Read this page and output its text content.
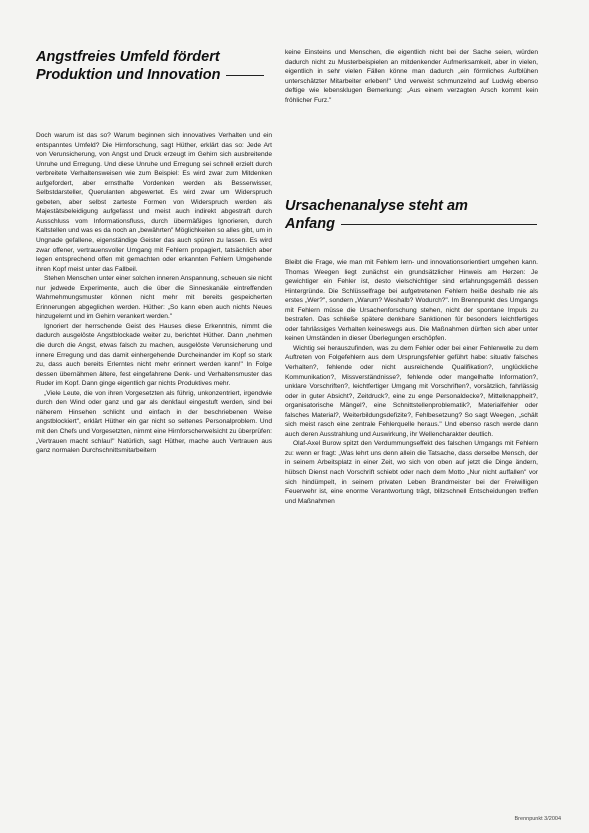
Angstfreies Umfeld fördert
Produktion und Innovation

Doch warum ist das so? Warum beginnen sich innovatives Verhalten und ein entspanntes Umfeld? Die Hirnforschung, sagt Hüther, erklärt das so: Jede Art von Verunsicherung, von Angst und Druck erzeugt im Gehirn sich ausbreitende Unruhe und Erregung. Und diese Unruhe und Erregung sei schnell erzielt durch verbreitete Verhaltensweisen wie zum Beispiel: Es wird zwar zum Mitdenken aufgefordert, aber ernsthafte Vordenken werden als Besserwisser, Selbstdarsteller, Querulanten abgewertet. Es wird zwar um Widerspruch gebeten, aber selbst zarteste Formen von Widerspruch werden als Majestätsbeleidigung aufgefasst und meist auch indirekt abgestraft durch Ausschluss vom Informationsfluss, durch übermäßiges Ignorieren, durch Kaltstellen und was es da noch an „bewährten" Möglichkeiten so alles gibt, um in Ungnade gefallene, eigenständige Geister das auch spüren zu lassen. Es wird zwar offener, vertrauensvoller Umgang mit Fehlern propagiert, tatsächlich aber legen entsprechend offen mit gemachten oder erkannten Fehlern Umgehende ihren Kopf meist unter das Fallbeil.

Stehen Menschen unter einer solchen inneren Anspannung, scheuen sie nicht nur jedwede Experimente, auch die über die Sinneskanäle eintreffenden Wahrnehmungsmuster können nicht mehr mit bereits gespeicherten Erinnerungen abgeglichen werden. Hüther: „So kann eben auch nichts Neues hinzugelernt und im Gehirn verankert werden."

Ignoriert der herrschende Geist des Hauses diese Erkenntnis, nimmt die dadurch ausgelöste Angstblockade weiter zu, berichtet Hüther. Dann „nehmen die durch die Angst, etwas falsch zu machen, ausgelöste Verunsicherung und innere Erregung und das damit einhergehende Durcheinander im Kopf so stark zu, dass auch bereits Erlerntes nicht mehr erinnert werden kann!" In Folge dessen übernähmen ältere, fest eingefahrene Denk- und Verhaltensmuster das Ruder im Kopf. Dann ginge eigentlich gar nichts Produktives mehr.

„Viele Leute, die von ihren Vorgesetzten als führig, unkonzentriert, irgendwie durch den Wind oder ganz und gar als denkfaul eingestuft werden, sind bei näherem Hinsehen schlicht und einfach in der beschriebenen Weise angstblockiert", erklärt Hüther ein gar nicht so seltenes Personalproblem. Und mit den Chefs und Vorgesetzten, nimmt eine Hirnforscherwelsicht zu überprüfen: „Vertrauen macht schlau!" Natürlich, sagt Hüther, mache auch Vertrauen aus ganz normalen Durchschnittsmitarbeitern

keine Einsteins und Menschen, die eigentlich nicht bei der Sache seien, würden dadurch nicht zu Musterbeispielen an mitdenkender Aufmerksamkeit, aber in vielen, eigentlich in sehr vielen Fällen könne man dadurch „ein förmliches Aufblühen unterschätzter Mitarbeiter erleben!" Und verweist schmunzelnd auf Ludwig ebenso deftige wie lebensklugen Bemerkung: „Aus einem verzagten Arsch kommt kein fröhlicher Furz."

Ursachenanalyse steht am
Anfang

Bleibt die Frage, wie man mit Fehlern lern- und innovationsorientiert umgehen kann. Thomas Weegen liegt zunächst ein grundsätzlicher Hinweis am Herzen: Je gewichtiger ein Fehler ist, desto vielschichtiger sind erfahrungsgemäß dessen Hintergründe. Die Schlüsselfrage bei aufgetretenen Fehlern heiße deshalb nie als erstes „Wer?", sondern „Warum? Weshalb? Wodurch?". Im Brennpunkt des Umgangs mit Fehlern müsse die Ursachenforschung stehen, nicht der spontane Impuls zu bestrafen. Das schließe spätere denkbare Sanktionen für besonders leichtfertiges oder fahrlässiges Verhalten keineswegs aus. Die Maßnahmen dürften sich aber unter keinen Umständen in dieser Überlegungen erschöpfen.

Wichtig sei herauszufinden, was zu dem Fehler oder bei einer Fehlerwelle zu dem Auftreten von Folgefehlern aus dem Ursprungsfehler geführt habe: situativ falsches Verhalten?, fehlende oder nicht ausreichende Qualifikation?, unglückliche Kommunikation?, Missverständnisse?, fehlende oder mangelhafte Information?, unklare Vorschriften?, leichtfertiger Umgang mit Vorschriften?, vorsätzlich, fahrlässig oder in guter Absicht?, Zeitdruck?, eine zu enge Personaldecke?, Mittelknappheit?, organisatorische Mängel?, eine Schnittstellenproblematik?, Materialfehler oder falsches Material?, Weiterbildungsdefizite?, Fehlbesetzung? So sagt Weegen, „schält sich meist rasch eine zentrale Fehlerquelle heraus." Und ebenso rasch werde dann auch deren Ausstrahlung und Auswirkung, ihr Wellencharakter deutlich.

Olaf-Axel Burow spitzt den Verdummungseffekt des falschen Umgangs mit Fehlern zu: wenn er fragt: „Was lehrt uns denn allein die Tatsache, dass derselbe Mensch, der in seinem Arbeitsplatz in einer Zeit, wo sich von oben auf jetzt die Dinge ändern, hübsch Dienst nach Vorschrift schiebt oder nach dem Motto „Nur nicht auffallen" vor sich hindümpelt, in seinem privaten Leben Brandmeister bei der Freiwilligen Feuerwehr ist, eine enorme Verantwortung trägt, blitzschnell Entscheidungen treffen und Maßnahmen

Brennpunkt 3/2004
